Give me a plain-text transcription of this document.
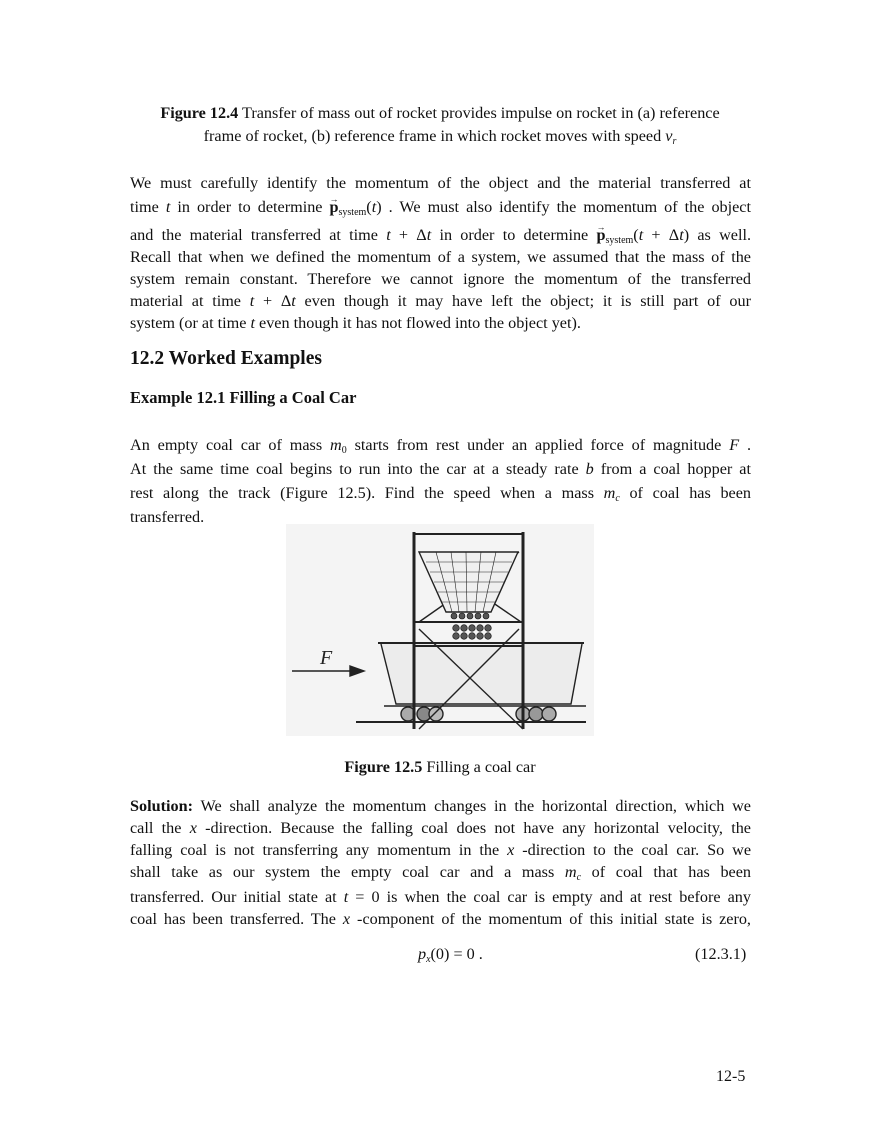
Figure 12.4 Transfer of mass out of rocket provides impulse on rocket in (a) reference
frame of rocket, (b) reference frame in which rocket moves with speed $v_r$
We must carefully identify the momentum of the object and the material transferred at
time t in order to determine → $p_{system}(t)$ . We must also identify the momentum of the object
and the material transferred at time t + Δt in order to determine → $p_{system}(t + \Delta t)$ as well.
Recall that when we defined the momentum of a system, we assumed that the mass of the
system remain constant. Therefore we cannot ignore the momentum of the transferred
material at time t + Δt even though it may have left the object; it is still part of our
system (or at time t even though it has not flowed into the object yet).
12.2 Worked Examples
Example 12.1 Filling a Coal Car
An empty coal car of mass $m_0$ starts from rest under an applied force of magnitude F .
At the same time coal begins to run into the car at a steady rate b from a coal hopper at
rest along the track (Figure 12.5). Find the speed when a mass $m_c$ of coal has been
transferred.
F
Figure 12.5 Filling a coal car
Solution: We shall analyze the momentum changes in the horizontal direction, which we
call the x -direction. Because the falling coal does not have any horizontal velocity, the
falling coal is not transferring any momentum in the x -direction to the coal car. So we
shall take as our system the empty coal car and a mass $m_c$ of coal that has been
transferred. Our initial state at t = 0 is when the coal car is empty and at rest before any
coal has been transferred. The x -component of the momentum of this initial state is zero,
$p_x(0) = 0$ .	(12.3.1)
12-5
